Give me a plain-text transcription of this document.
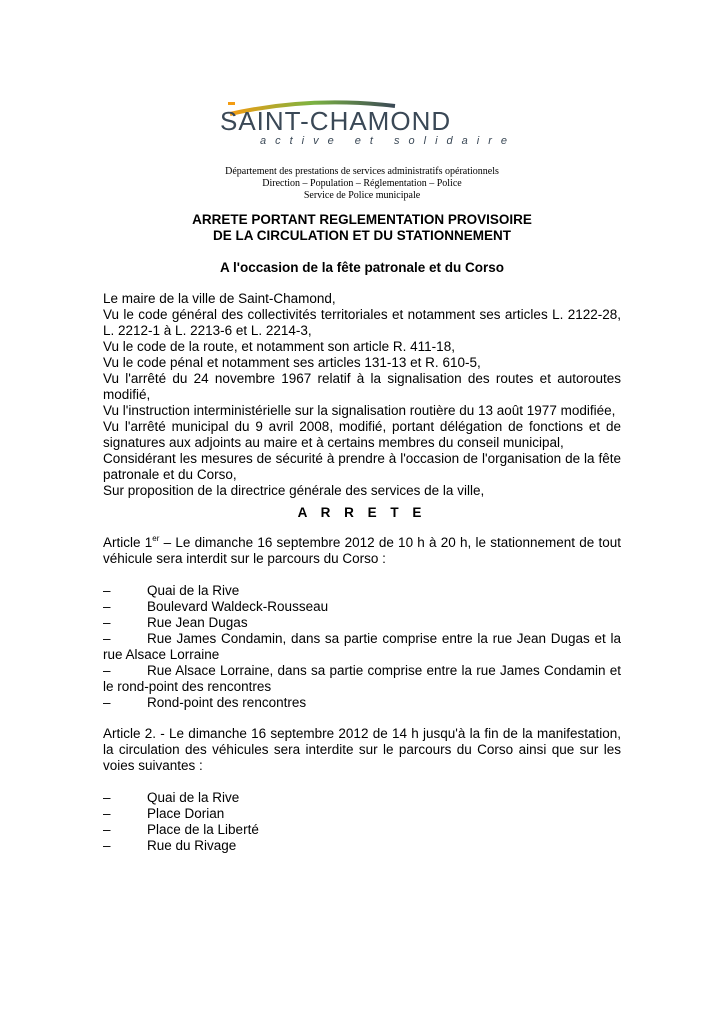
SAINT-CHAMOND
active et solidaire
Département des prestations de services administratifs opérationnels
Direction – Population – Réglementation – Police
Service de Police municipale
ARRETE PORTANT REGLEMENTATION PROVISOIRE
DE LA CIRCULATION ET DU STATIONNEMENT
A l'occasion de la fête patronale et du Corso

Le maire de la ville de Saint-Chamond,

Vu le code général des collectivités territoriales et notamment ses articles L. 2122-28, L. 2212-1 à L. 2213-6 et L. 2214-3,

Vu le code de la route, et notamment son article R. 411-18,

Vu le code pénal et notamment ses articles 131-13 et R. 610-5,

Vu l'arrêté du 24 novembre 1967 relatif à la signalisation des routes et autoroutes modifié,

Vu l'instruction interministérielle sur la signalisation routière du 13 août 1977 modifiée,

Vu l'arrêté municipal du 9 avril 2008, modifié, portant délégation de fonctions et de signatures aux adjoints au maire et à certains membres du conseil municipal,

Considérant les mesures de sécurité à prendre à l'occasion de l'organisation de la fête patronale et du Corso,

Sur proposition de la directrice générale des services de la ville,

A R R E T E

Article 1er – Le dimanche 16 septembre 2012 de 10 h à 20 h, le stationnement de tout véhicule sera interdit sur le parcours du Corso :

–	Quai de la Rive

–	Boulevard Waldeck-Rousseau

–	Rue Jean Dugas

–	Rue James Condamin, dans sa partie comprise entre la rue Jean Dugas et la rue Alsace Lorraine

–	Rue Alsace Lorraine, dans sa partie comprise entre la rue James Condamin et le rond-point des rencontres

–	Rond-point des rencontres

Article 2. - Le dimanche 16 septembre 2012 de 14 h jusqu'à la fin de la manifestation, la circulation des véhicules sera interdite sur le parcours du Corso ainsi que sur les voies suivantes :

–	Quai de la Rive

–	Place Dorian

–	Place de la Liberté

–	Rue du Rivage
